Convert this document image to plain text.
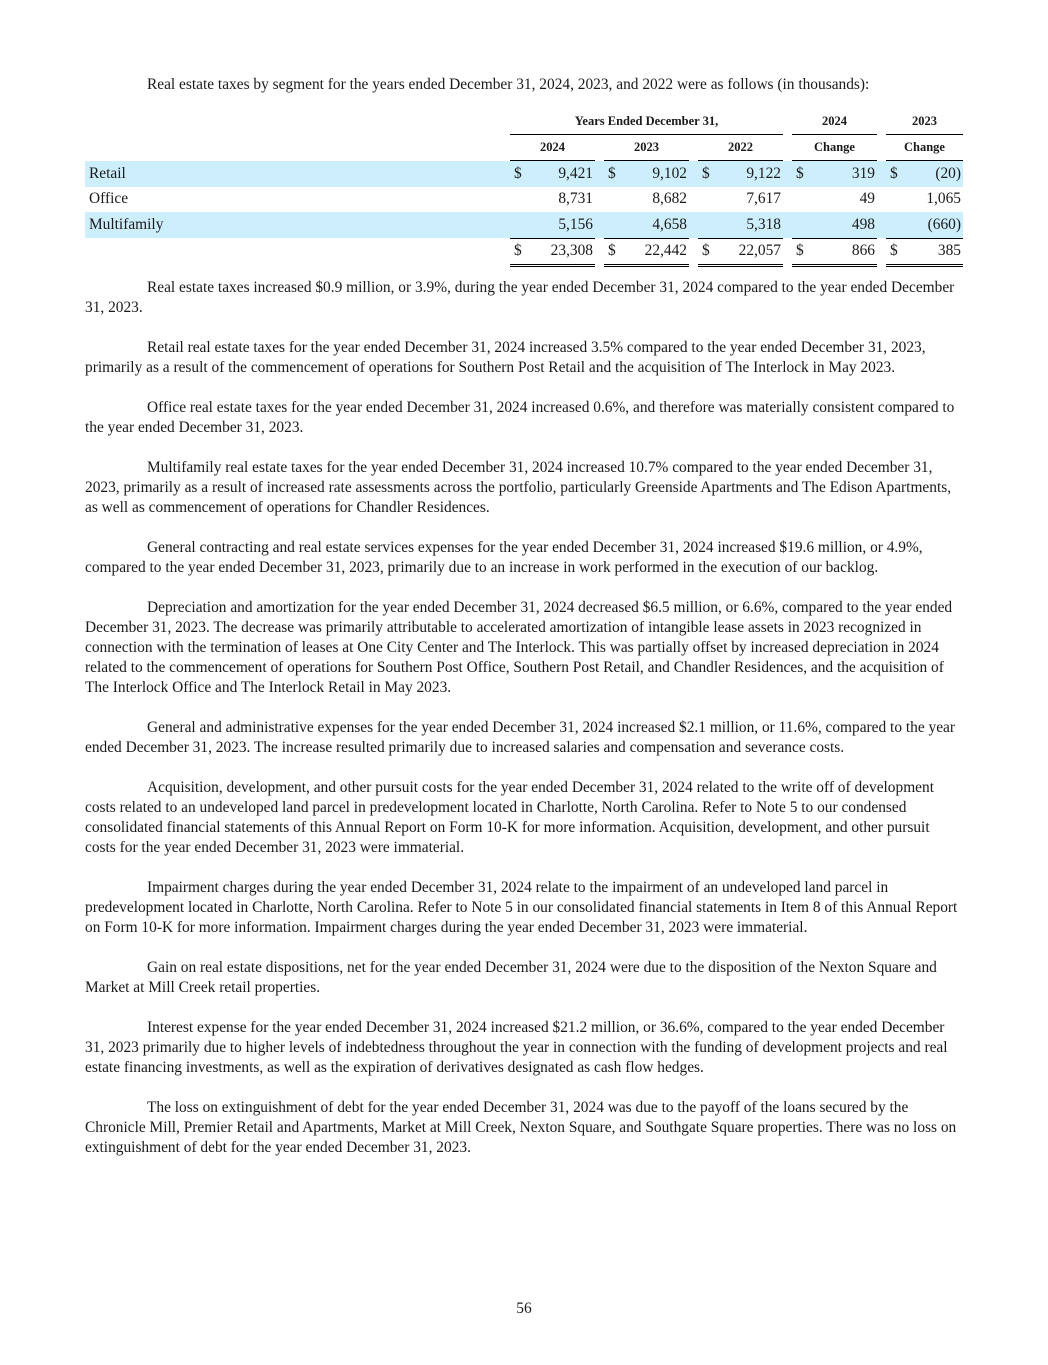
Real estate taxes by segment for the years ended December 31, 2024, 2023, and 2022 were as follows (in thousands):

		Years Ended December 31,									2024			2023	
		2024			2023			2022			Change			Change	
Retail		$	9,421		$	9,102		$	9,122		$	319		$	(20)
Office			8,731			8,682			7,617			49			1,065
Multifamily			5,156			4,658			5,318			498			(660)
		$	23,308		$	22,442		$	22,057		$	866		$	385

Real estate taxes increased $0.9 million, or 3.9%, during the year ended December 31, 2024 compared to the year ended December 31, 2023.

Retail real estate taxes for the year ended December 31, 2024 increased 3.5% compared to the year ended December 31, 2023, primarily as a result of the commencement of operations for Southern Post Retail and the acquisition of The Interlock in May 2023.

Office real estate taxes for the year ended December 31, 2024 increased 0.6%, and therefore was materially consistent compared to the year ended December 31, 2023.

Multifamily real estate taxes for the year ended December 31, 2024 increased 10.7% compared to the year ended December 31, 2023, primarily as a result of increased rate assessments across the portfolio, particularly Greenside Apartments and The Edison Apartments, as well as commencement of operations for Chandler Residences.

General contracting and real estate services expenses for the year ended December 31, 2024 increased $19.6 million, or 4.9%, compared to the year ended December 31, 2023, primarily due to an increase in work performed in the execution of our backlog.

Depreciation and amortization for the year ended December 31, 2024 decreased $6.5 million, or 6.6%, compared to the year ended December 31, 2023. The decrease was primarily attributable to accelerated amortization of intangible lease assets in 2023 recognized in connection with the termination of leases at One City Center and The Interlock. This was partially offset by increased depreciation in 2024 related to the commencement of operations for Southern Post Office, Southern Post Retail, and Chandler Residences, and the acquisition of The Interlock Office and The Interlock Retail in May 2023.

General and administrative expenses for the year ended December 31, 2024 increased $2.1 million, or 11.6%, compared to the year ended December 31, 2023. The increase resulted primarily due to increased salaries and compensation and severance costs.

Acquisition, development, and other pursuit costs for the year ended December 31, 2024 related to the write off of development costs related to an undeveloped land parcel in predevelopment located in Charlotte, North Carolina. Refer to Note 5 to our condensed consolidated financial statements of this Annual Report on Form 10-K for more information. Acquisition, development, and other pursuit costs for the year ended December 31, 2023 were immaterial.

Impairment charges during the year ended December 31, 2024 relate to the impairment of an undeveloped land parcel in predevelopment located in Charlotte, North Carolina. Refer to Note 5 in our consolidated financial statements in Item 8 of this Annual Report on Form 10-K for more information. Impairment charges during the year ended December 31, 2023 were immaterial.

Gain on real estate dispositions, net for the year ended December 31, 2024 were due to the disposition of the Nexton Square and Market at Mill Creek retail properties.

Interest expense for the year ended December 31, 2024 increased $21.2 million, or 36.6%, compared to the year ended December 31, 2023 primarily due to higher levels of indebtedness throughout the year in connection with the funding of development projects and real estate financing investments, as well as the expiration of derivatives designated as cash flow hedges.

The loss on extinguishment of debt for the year ended December 31, 2024 was due to the payoff of the loans secured by the Chronicle Mill, Premier Retail and Apartments, Market at Mill Creek, Nexton Square, and Southgate Square properties. There was no loss on extinguishment of debt for the year ended December 31, 2023.

56
